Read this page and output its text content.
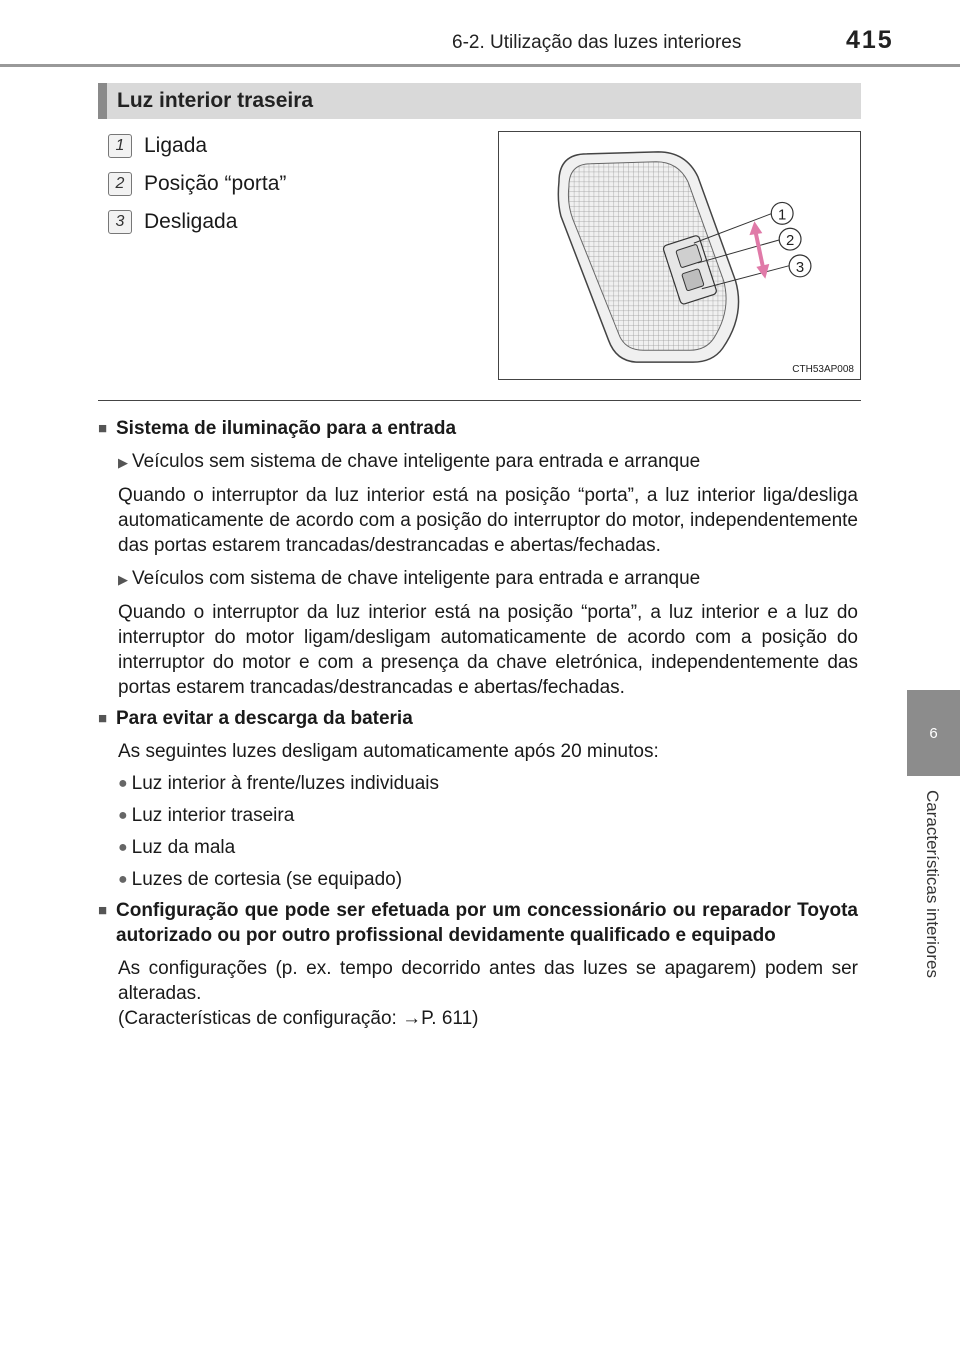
6-2. Utilização das luzes interiores	415
6
Características interiores
Luz interior traseira
1 Ligada
2 Posição “porta”
3 Desligada	1
2
3
CTH53AP008
■ Sistema de iluminação para a entrada
▶ Veículos sem sistema de chave inteligente para entrada e arranque
Quando o interruptor da luz interior está na posição “porta”, a luz interior liga/desliga automaticamente de acordo com a posição do interruptor do motor, independentemente das portas estarem trancadas/destrancadas e abertas/fechadas.
▶ Veículos com sistema de chave inteligente para entrada e arranque
Quando o interruptor da luz interior está na posição “porta”, a luz interior e a luz do interruptor do motor ligam/desligam automaticamente de acordo com a posição do interruptor do motor e com a presença da chave eletrónica, independentemente das portas estarem trancadas/destrancadas e abertas/fechadas.
■ Para evitar a descarga da bateria
As seguintes luzes desligam automaticamente após 20 minutos:
● Luz interior à frente/luzes individuais
● Luz interior traseira
● Luz da mala
● Luzes de cortesia (se equipado)
■ Configuração que pode ser efetuada por um concessionário ou reparador Toyota autorizado ou por outro profissional devidamente qualificado e equipado
As configurações (p. ex. tempo decorrido antes das luzes se apagarem) podem ser alteradas.
(Características de configuração: →P. 611)
